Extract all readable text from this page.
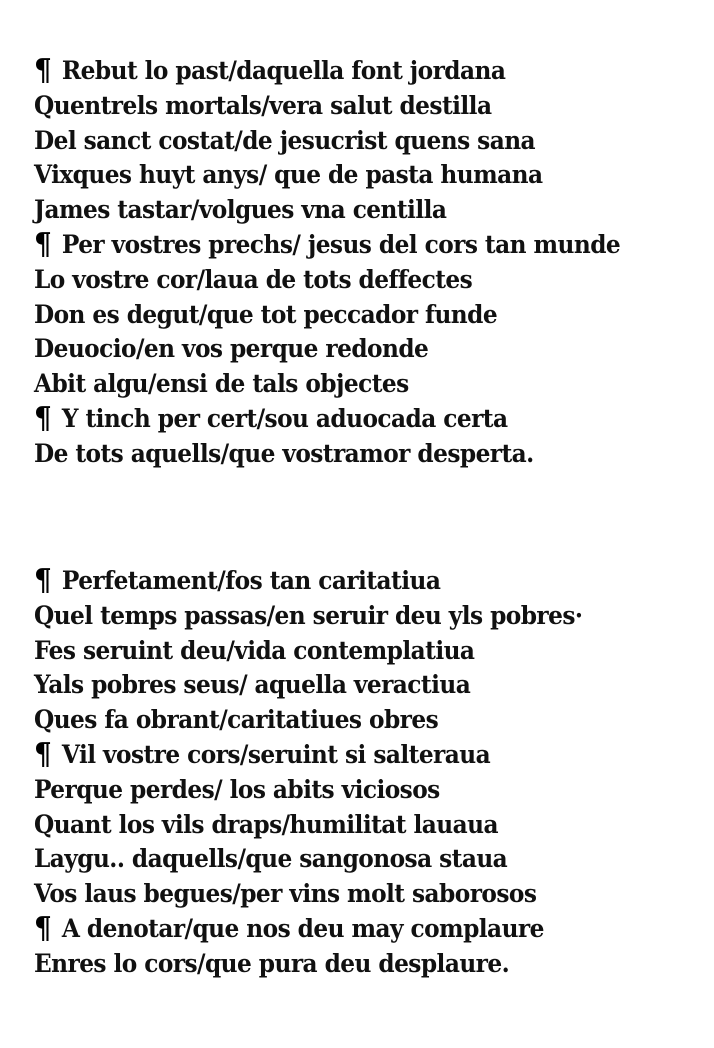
¶ Rebut lo past/daquella font jordana
Quentrels mortals/vera salut destilla
Del sanct costat/de jesucrist quens sana
Vixques huyt anys/ que de pasta humana
James tastar/volgues vna centilla
¶ Per vostres prechs/ jesus del cors tan munde
Lo vostre cor/laua de tots deffectes
Don es degut/que tot peccador funde
Deuocio/en vos perque redonde
Abit algu/ensi de tals objectes
¶ Y tinch per cert/sou aduocada certa
De tots aquells/que vostramor desperta.
¶ Perfetament/fos tan caritatiua
Quel temps passas/en seruir deu yls pobres·
Fes seruint deu/vida contemplatiua
Yals pobres seus/ aquella veractiua
Ques fa obrant/caritatiues obres
¶ Vil vostre cors/seruint si salteraua
Perque perdes/ los abits viciosos
Quant los vils draps/humilitat lauaua
Laygu.. daquells/que sangonosa staua
Vos laus begues/per vins molt saborosos
¶ A denotar/que nos deu may complaure
Enres lo cors/que pura deu desplaure.
